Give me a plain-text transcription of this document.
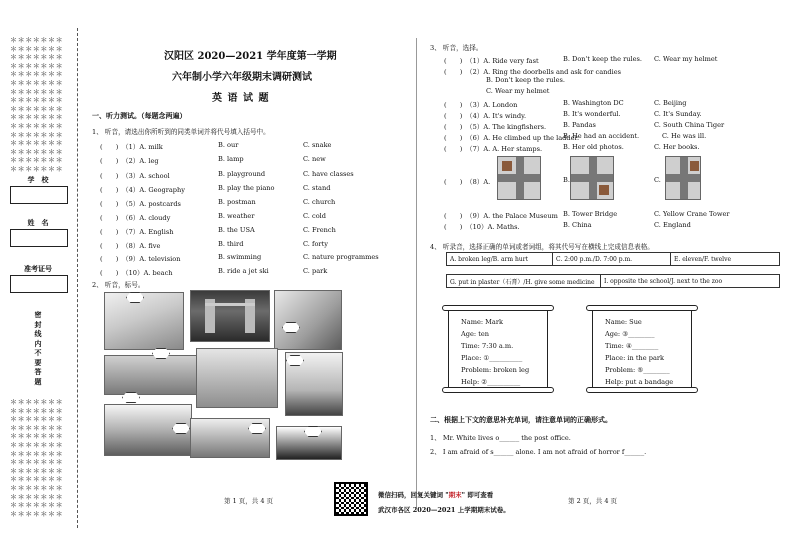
＊＊＊＊＊＊＊
＊＊＊＊＊＊＊
＊＊＊＊＊＊＊
＊＊＊＊＊＊＊
＊＊＊＊＊＊＊
＊＊＊＊＊＊＊
＊＊＊＊＊＊＊
＊＊＊＊＊＊＊
＊＊＊＊＊＊＊
＊＊＊＊＊＊＊
＊＊＊＊＊＊＊
＊＊＊＊＊＊＊
＊＊＊＊＊＊＊
＊＊＊＊＊＊＊
＊＊＊＊＊＊＊
＊＊＊＊＊＊＊
学　校
姓　名
准考证号
密
封
线
内
不
要
答
题
＊＊＊＊＊＊＊
＊＊＊＊＊＊＊
＊＊＊＊＊＊＊
＊＊＊＊＊＊＊
＊＊＊＊＊＊＊
＊＊＊＊＊＊＊
＊＊＊＊＊＊＊
＊＊＊＊＊＊＊
＊＊＊＊＊＊＊
＊＊＊＊＊＊＊
＊＊＊＊＊＊＊
＊＊＊＊＊＊＊
＊＊＊＊＊＊＊
＊＊＊＊＊＊＊
汉阳区 2020—2021 学年度第一学期
六年制小学六年级期末调研测试
英 语 试 题
一、听力测试。（每题念两遍）
1、 听音，请选出你所听到的同类单词并将代号填入括号中。
(　　) （1）A. milk	B. our	C. snake
(　　) （2）A. leg	B. lamp	C. new
(　　) （3）A. school	B. playground	C. have classes
(　　) （4）A. Geography	B. play the piano	C. stand
(　　) （5）A. postcards	B. postman	C. church
(　　) （6）A. cloudy	B. weather	C. cold
(　　) （7）A. English	B. the USA	C. French
(　　) （8）A. five	B. third	C. forty
(　　) （9）A. television	B. swimming	C. nature programmes
(　　) （10）A. beach	B. ride a jet ski	C. park
2、 听音，标号。
第 1 页，共 4 页
3、 听音，选择。
(　　) （1）A. Ride very fast	B. Don't keep the rules. C. Wear my helmet
(　　) （2）A. Ring the doorbells and ask for candies
B. Don't keep the rules.
C. Wear my helmet
(　　) （3）A. London	B. Washington DC	C. Beijing
(　　) （4）A. It's windy.	B. It's wonderful.	C. It's Sunday.
(　　) （5）A. The kingfishers.	B. Pandas	C. South China Tiger
(　　) （6）A. He climbed up the ladder.
B. He had an accident.	C. He was ill.
(　　) （7）A. A. Her stamps.	B. Her old photos.	C. Her books.
(　　) （8）A.	B.	C.
(　　) （9）A. the Palace Museum B. Tower Bridge	C. Yellow Crane Tower
(　　) （10）A. Maths.	B. China	C. England
4、 听录音，选择正确的单词或者词组，将其代号写在横线上完成信息表格。
A. broken leg/B. arm hurt	C. 2:00 p.m./D. 7:00 p.m.	E. eleven/F. twelve
G. put in plaster（石膏）/H. give some medicine	I. opposite the school/J. next to the zoo
Name: Mark
Age: ten
Time: 7:30 a.m.
Place: ①__________
Problem: broken leg
Help: ②__________
Name: Sue
Age: ③________
Time: ④________
Place: in the park
Problem: ⑤________
Help: put a bandage
二、根据上下文的意思补充单词，请注意单词的正确形式。
1、 Mr. White lives o______ the post office.
2、 I am afraid of s______ alone. I am not afraid of horror f______.
第 2 页，共 4 页
微信扫码，回复关键词 "期末" 即可查看
武汉市各区 2020—2021 上学期期末试卷。
